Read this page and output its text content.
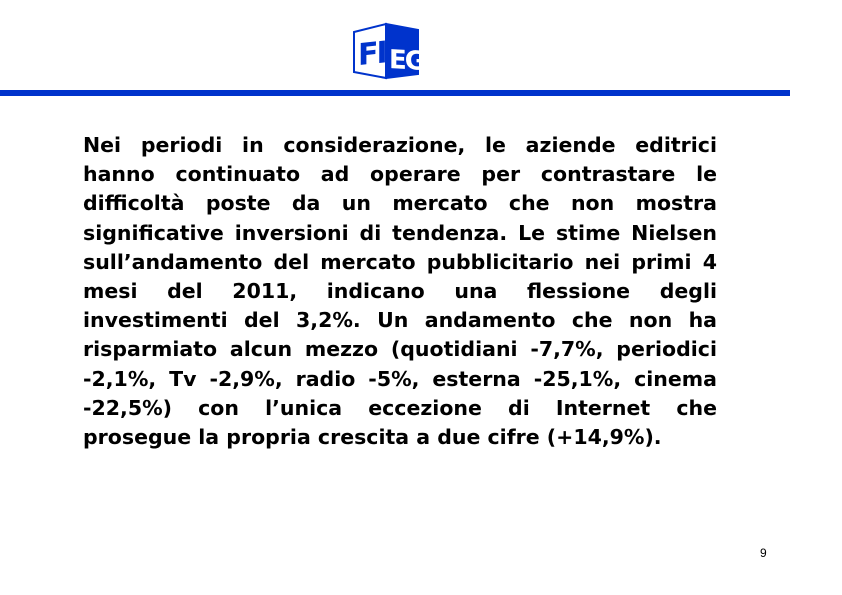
FI EG

Nei periodi in considerazione, le aziende editrici hanno continuato ad operare per contrastare le difficoltà poste da un mercato che non mostra significative inversioni di tendenza. Le stime Nielsen sull’andamento del mercato pubblicitario nei primi 4 mesi del 2011, indicano una flessione degli investimenti del 3,2%. Un andamento che non ha risparmiato alcun mezzo (quotidiani -7,7%, periodici -2,1%, Tv -2,9%, radio -5%, esterna -25,1%, cinema -22,5%) con l’unica eccezione di Internet che prosegue la propria crescita a due cifre (+14,9%).

9
